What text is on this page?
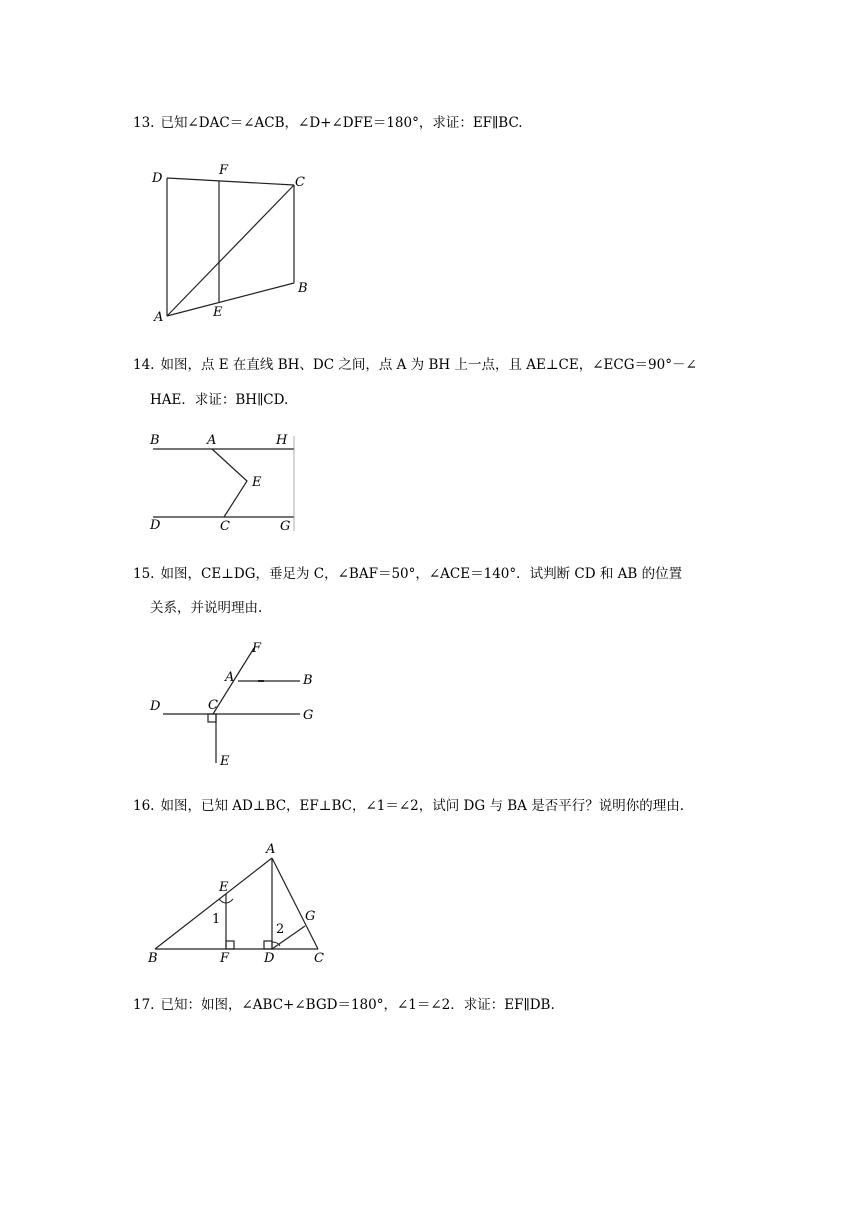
13. 已知∠DAC＝∠ACB，∠D+∠DFE＝180°，求证：EF∥BC.
D
F
C
B
A	E
14. 如图，点 E 在直线 BH、DC 之间，点 A 为 BH 上一点，且 AE⊥CE，∠ECG＝90°－∠
HAE．求证：BH∥CD.
B	A	H
E
D	C	G
15. 如图，CE⊥DG，垂足为 C，∠BAF＝50°，∠ACE＝140°．试判断 CD 和 AB 的位置
关系，并说明理由.
F
A	B
D	C
G
E
16. 如图，已知 AD⊥BC，EF⊥BC，∠1＝∠2，试问 DG 与 BA 是否平行？说明你的理由.
A
E
1	G
2
B	F	D	C
17. 已知：如图，∠ABC+∠BGD＝180°，∠1＝∠2．求证：EF∥DB.
